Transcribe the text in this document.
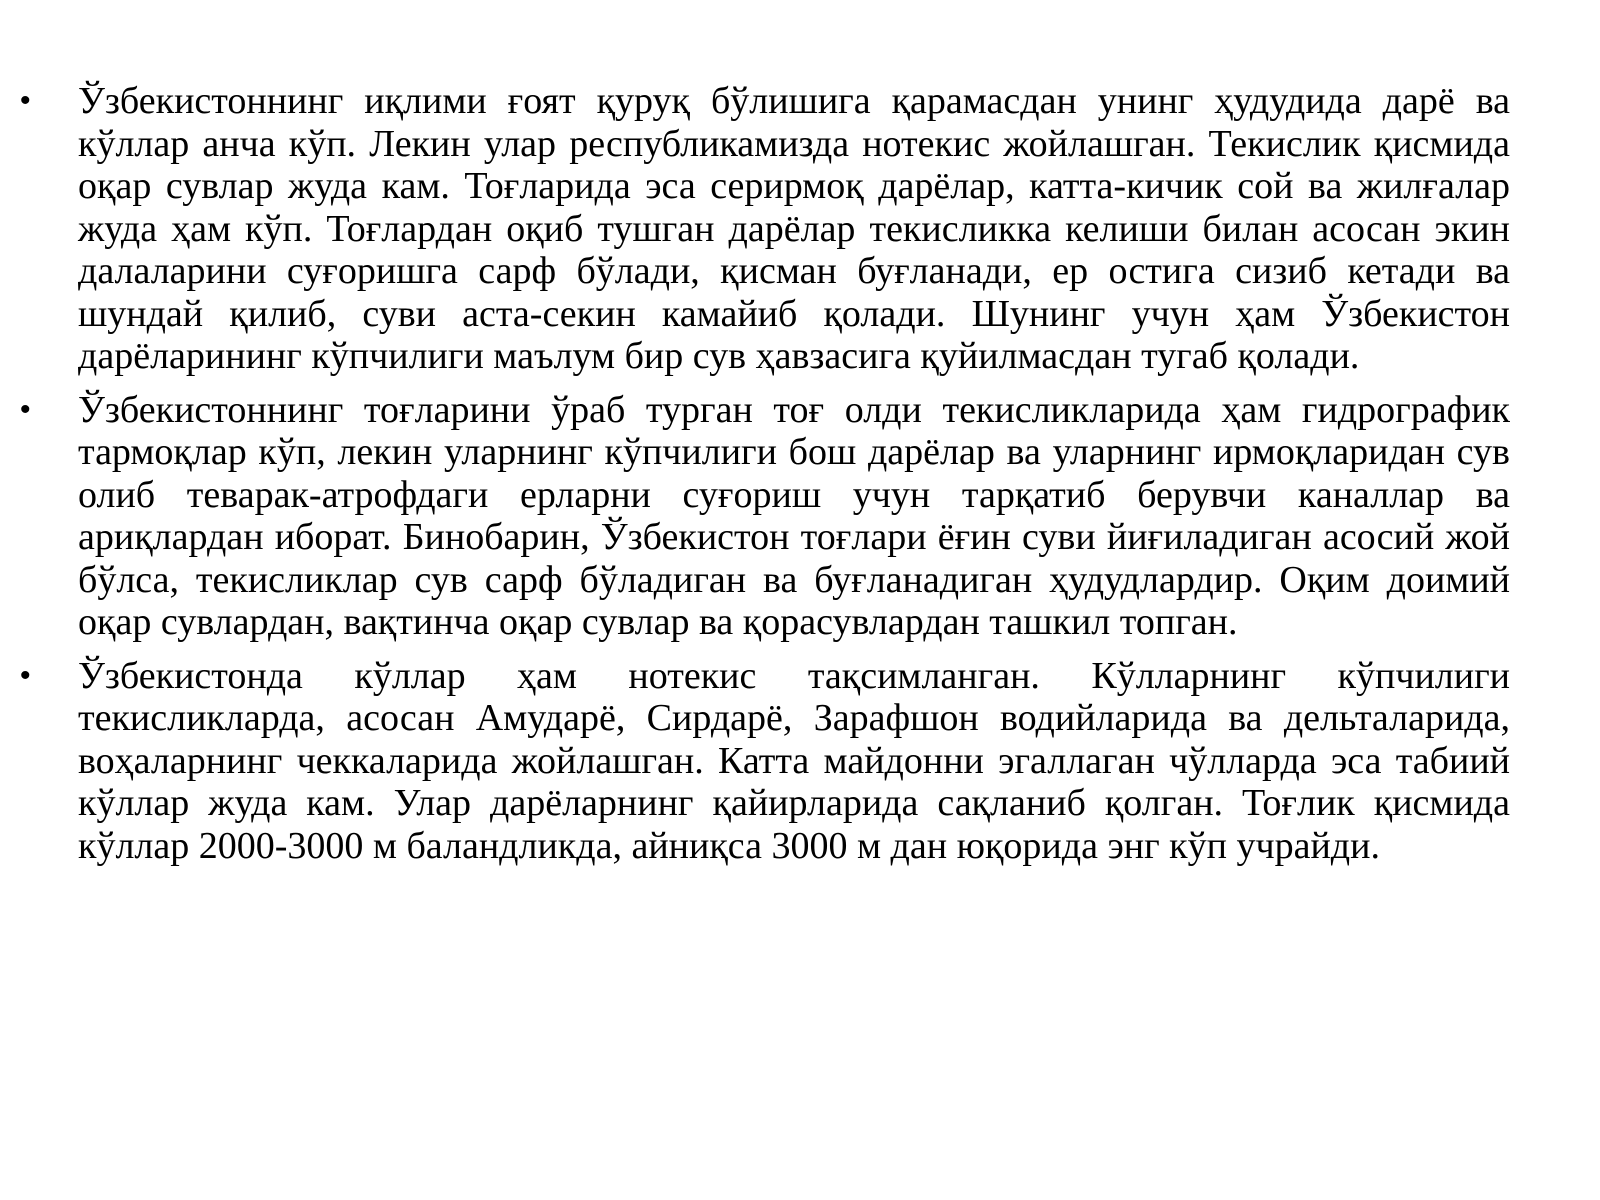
• Ўзбекистоннинг иқлими ғоят қуруқ бўлишига қарамасдан унинг ҳудудида дарё ва кўллар анча кўп. Лекин улар республикамизда нотекис жойлашган. Текислик қисмида оқар сувлар жуда кам. Тоғларида эса серирмоқ дарёлар, катта-кичик сой ва жилғалар жуда ҳам кўп. Тоғлардан оқиб тушган дарёлар текисликка келиши билан асосан экин далаларини суғоришга сарф бўлади, қисман буғланади, ер остига сизиб кетади ва шундай қилиб, суви аста-секин камайиб қолади. Шунинг учун ҳам Ўзбекистон дарёларининг кўпчилиги маълум бир сув ҳавзасига қуйилмасдан тугаб қолади.
• Ўзбекистоннинг тоғларини ўраб турган тоғ олди текисликларида ҳам гидрографик тармоқлар кўп, лекин уларнинг кўпчилиги бош дарёлар ва уларнинг ирмоқларидан сув олиб теварак-атрофдаги ерларни суғориш учун тарқатиб берувчи каналлар ва ариқлардан иборат. Бинобарин, Ўзбекистон тоғлари ёғин суви йиғиладиган асосий жой бўлса, текисликлар сув сарф бўладиган ва буғланадиган ҳудудлардир. Оқим доимий оқар сувлардан, вақтинча оқар сувлар ва қорасувлардан ташкил топган.
• Ўзбекистонда кўллар ҳам нотекис тақсимланган. Кўлларнинг кўпчилиги текисликларда, асосан Амударё, Сирдарё, Зарафшон водийларида ва дельталарида, воҳаларнинг чеккаларида жойлашган. Катта майдонни эгаллаган чўлларда эса табиий кўллар жуда кам. Улар дарёларнинг қайирларида сақланиб қолган. Тоғлик қисмида кўллар 2000-3000 м баландликда, айниқса 3000 м дан юқорида энг кўп учрайди.
